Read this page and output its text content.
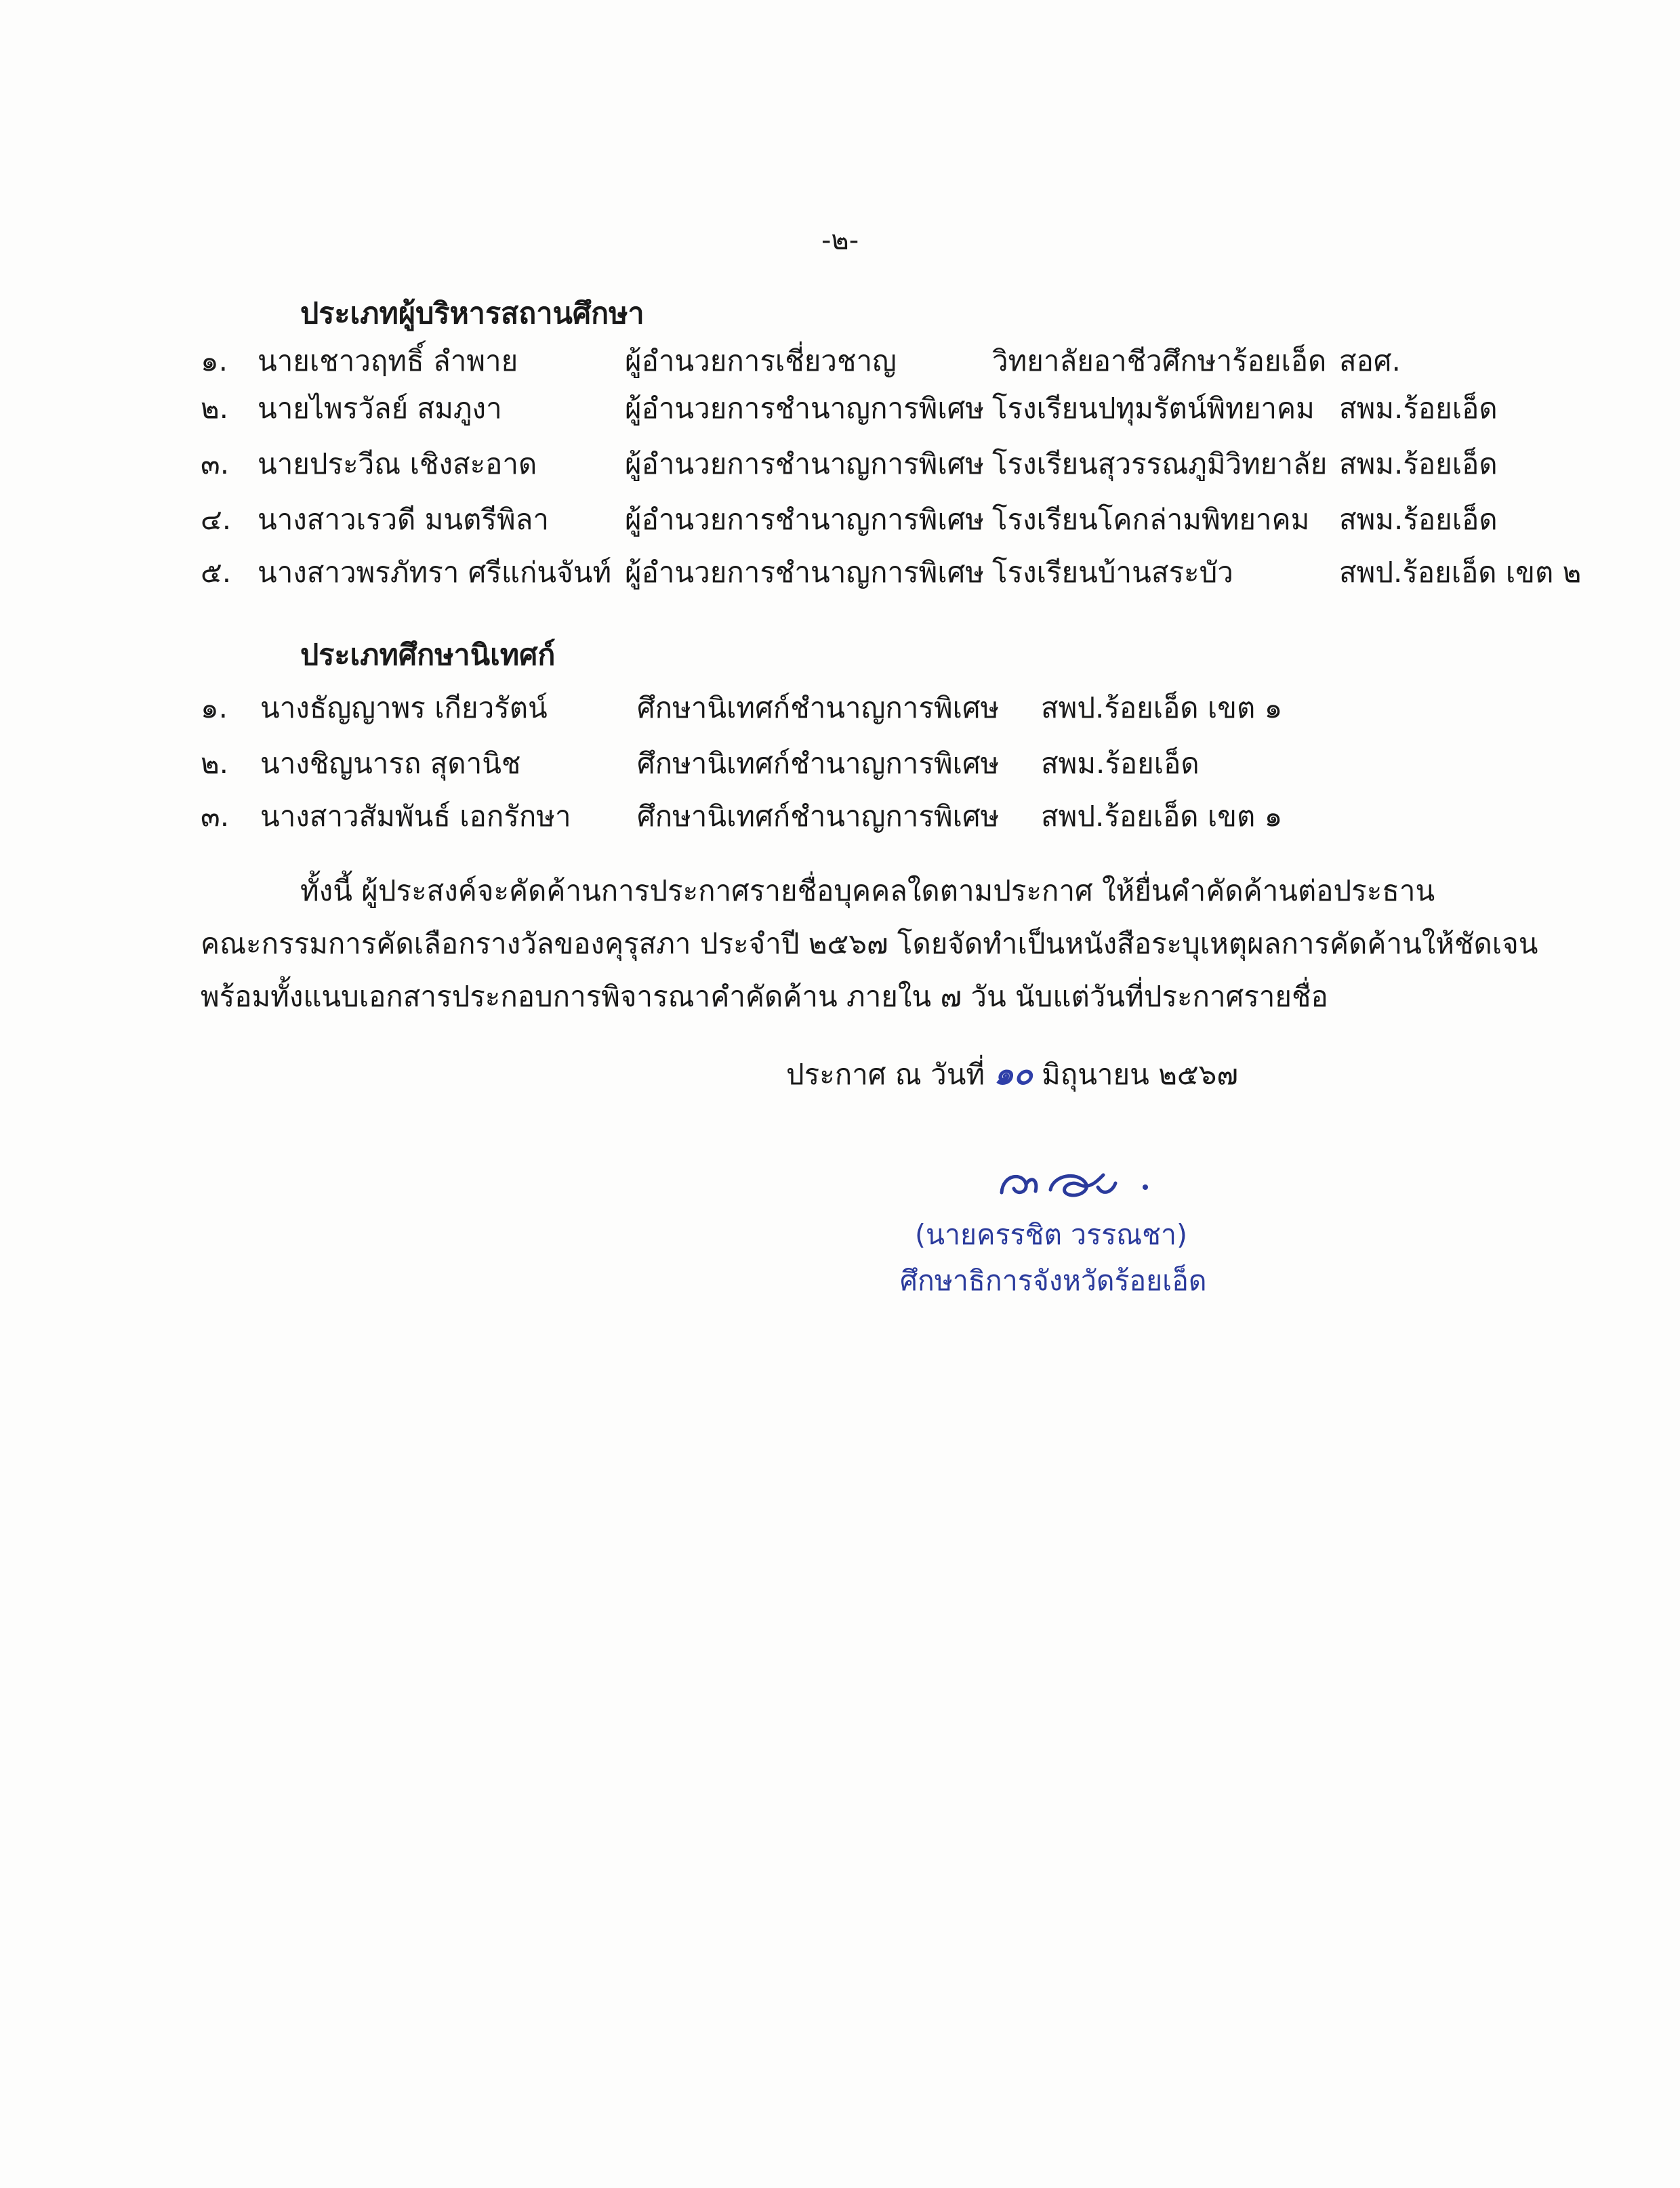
-๒-
ประเภทผู้บริหารสถานศึกษา
๑. นายเชาวฤทธิ์ ลำพาย	ผู้อำนวยการเชี่ยวชาญ	วิทยาลัยอาชีวศึกษาร้อยเอ็ด สอศ.
๒. นายไพรวัลย์ สมภูงา	ผู้อำนวยการชำนาญการพิเศษ โรงเรียนปทุมรัตน์พิทยาคม สพม.ร้อยเอ็ด
๓. นายประวีณ เชิงสะอาด	ผู้อำนวยการชำนาญการพิเศษ โรงเรียนสุวรรณภูมิวิทยาลัย สพม.ร้อยเอ็ด
๔. นางสาวเรวดี มนตรีพิลา	ผู้อำนวยการชำนาญการพิเศษ โรงเรียนโคกล่ามพิทยาคม สพม.ร้อยเอ็ด
๕. นางสาวพรภัทรา ศรีแก่นจันท์ ผู้อำนวยการชำนาญการพิเศษ โรงเรียนบ้านสระบัว	สพป.ร้อยเอ็ด เขต ๒
ประเภทศึกษานิเทศก์
๑. นางธัญญาพร เกียวรัตน์	ศึกษานิเทศก์ชำนาญการพิเศษ สพป.ร้อยเอ็ด เขต ๑
๒. นางชิญนารถ สุดานิช	ศึกษานิเทศก์ชำนาญการพิเศษ สพม.ร้อยเอ็ด
๓. นางสาวสัมพันธ์ เอกรักษา ศึกษานิเทศก์ชำนาญการพิเศษ สพป.ร้อยเอ็ด เขต ๑
ทั้งนี้ ผู้ประสงค์จะคัดค้านการประกาศรายชื่อบุคคลใดตามประกาศ ให้ยื่นคำคัดค้านต่อประธาน
คณะกรรมการคัดเลือกรางวัลของคุรุสภา ประจำปี ๒๕๖๗ โดยจัดทำเป็นหนังสือระบุเหตุผลการคัดค้านให้ชัดเจน
พร้อมทั้งแนบเอกสารประกอบการพิจารณาคำคัดค้าน ภายใน ๗ วัน นับแต่วันที่ประกาศรายชื่อ
ประกาศ ณ วันที่ ๑๐ มิถุนายน ๒๕๖๗
(นายครรชิต วรรณชา)
ศึกษาธิการจังหวัดร้อยเอ็ด
